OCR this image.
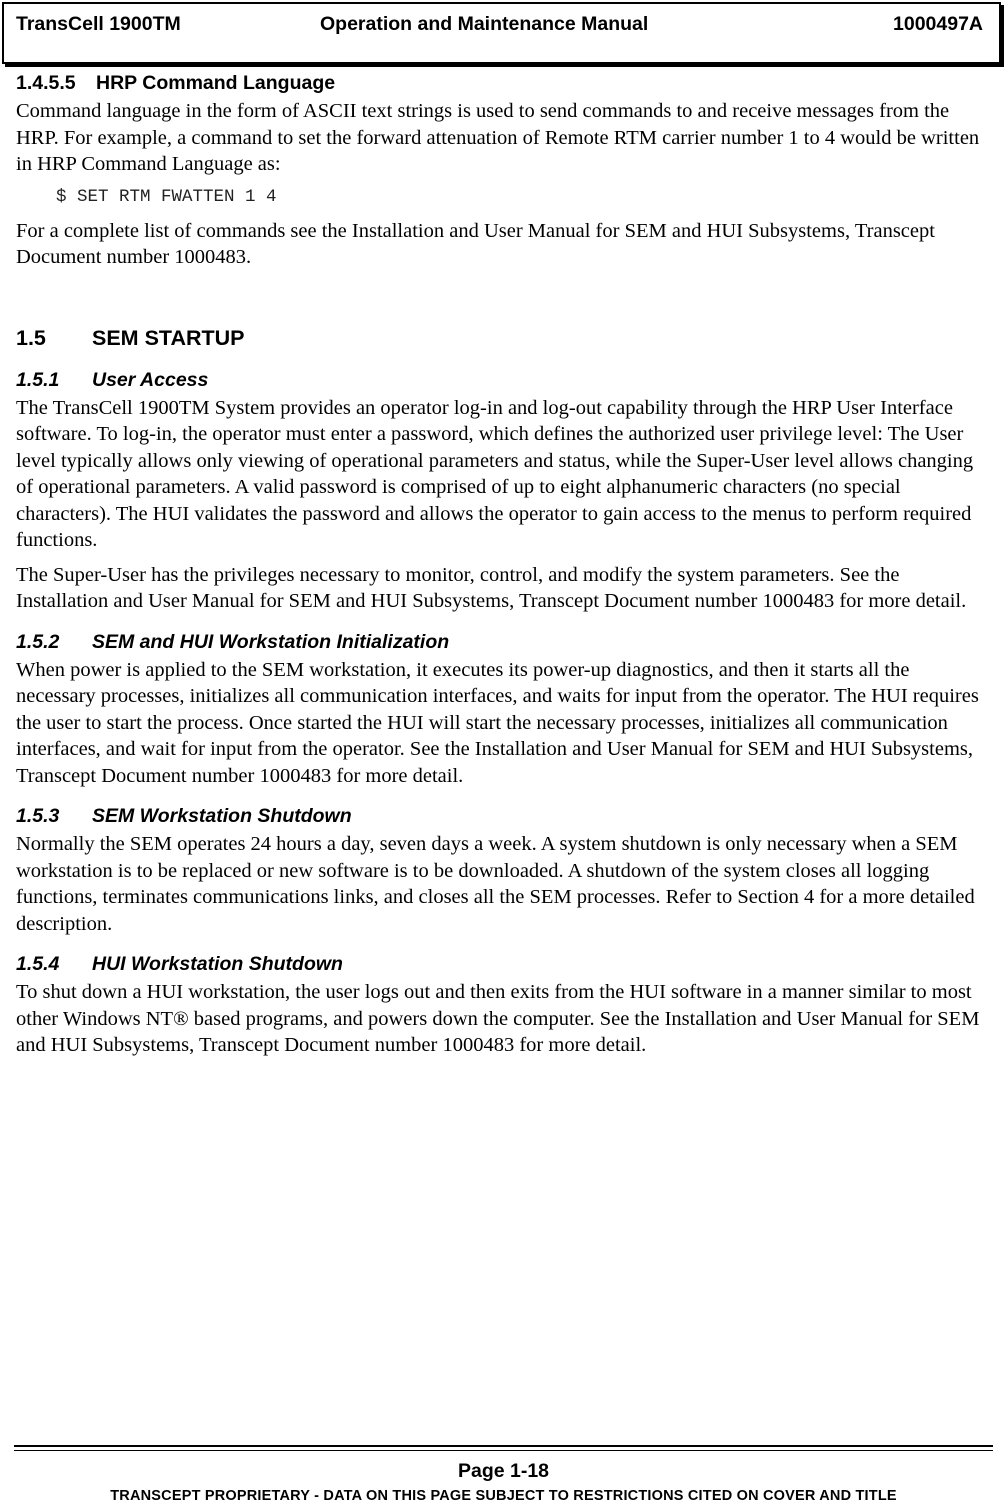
TransCell 1900TM	Operation and Maintenance Manual	1000497A
1.4.5.5 HRP Command Language

Command language in the form of ASCII text strings is used to send commands to and receive messages from the HRP. For example, a command to set the forward attenuation of Remote RTM carrier number 1 to 4 would be written in HRP Command Language as:

$ SET RTM FWATTEN 1 4

For a complete list of commands see the Installation and User Manual for SEM and HUI Subsystems, Transcept Document number 1000483.

1.5 SEM STARTUP
1.5.1 User Access

The TransCell 1900TM System provides an operator log-in and log-out capability through the HRP User Interface software. To log-in, the operator must enter a password, which defines the authorized user privilege level: The User level typically allows only viewing of operational parameters and status, while the Super-User level allows changing of operational parameters. A valid password is comprised of up to eight alphanumeric characters (no special characters). The HUI validates the password and allows the operator to gain access to the menus to perform required functions.

The Super-User has the privileges necessary to monitor, control, and modify the system parameters. See the Installation and User Manual for SEM and HUI Subsystems, Transcept Document number 1000483 for more detail.

1.5.2 SEM and HUI Workstation Initialization

When power is applied to the SEM workstation, it executes its power-up diagnostics, and then it starts all the necessary processes, initializes all communication interfaces, and waits for input from the operator. The HUI requires the user to start the process. Once started the HUI will start the necessary processes, initializes all communication interfaces, and wait for input from the operator. See the Installation and User Manual for SEM and HUI Subsystems, Transcept Document number 1000483 for more detail.

1.5.3 SEM Workstation Shutdown

Normally the SEM operates 24 hours a day, seven days a week. A system shutdown is only necessary when a SEM workstation is to be replaced or new software is to be downloaded. A shutdown of the system closes all logging functions, terminates communications links, and closes all the SEM processes. Refer to Section 4 for a more detailed description.

1.5.4 HUI Workstation Shutdown

To shut down a HUI workstation, the user logs out and then exits from the HUI software in a manner similar to most other Windows NT® based programs, and powers down the computer. See the Installation and User Manual for SEM and HUI Subsystems, Transcept Document number 1000483 for more detail.

Page 1-18
TRANSCEPT PROPRIETARY - DATA ON THIS PAGE SUBJECT TO RESTRICTIONS CITED ON COVER AND TITLE
